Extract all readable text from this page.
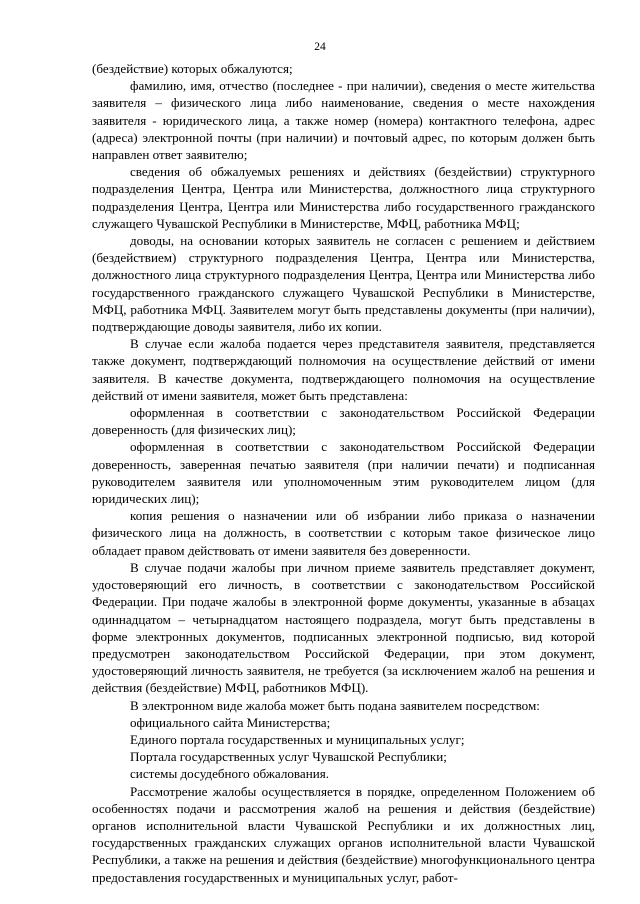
24

(бездействие) которых обжалуются;

фамилию, имя, отчество (последнее - при наличии), сведения о месте жительства заявителя – физического лица либо наименование, сведения о месте нахождения заявителя - юридического лица, а также номер (номера) контактного телефона, адрес (адреса) электронной почты (при наличии) и почтовый адрес, по которым должен быть направлен ответ заявителю;

сведения об обжалуемых решениях и действиях (бездействии) структурного подразделения Центра, Центра или Министерства, должностного лица структурного подразделения Центра, Центра или Министерства либо государственного гражданского служащего Чувашской Республики в Министерстве, МФЦ, работника МФЦ;

доводы, на основании которых заявитель не согласен с решением и действием (бездействием) структурного подразделения Центра, Центра или Министерства, должностного лица структурного подразделения Центра, Центра или Министерства либо государственного гражданского служащего Чувашской Республики в Министерстве, МФЦ, работника МФЦ. Заявителем могут быть представлены документы (при наличии), подтверждающие доводы заявителя, либо их копии.

В случае если жалоба подается через представителя заявителя, представляется также документ, подтверждающий полномочия на осуществление действий от имени заявителя. В качестве документа, подтверждающего полномочия на осуществление действий от имени заявителя, может быть представлена:

оформленная в соответствии с законодательством Российской Федерации доверенность (для физических лиц);

оформленная в соответствии с законодательством Российской Федерации доверенность, заверенная печатью заявителя (при наличии печати) и подписанная руководителем заявителя или уполномоченным этим руководителем лицом (для юридических лиц);

копия решения о назначении или об избрании либо приказа о назначении физического лица на должность, в соответствии с которым такое физическое лицо обладает правом действовать от имени заявителя без доверенности.

В случае подачи жалобы при личном приеме заявитель представляет документ, удостоверяющий его личность, в соответствии с законодательством Российской Федерации. При подаче жалобы в электронной форме документы, указанные в абзацах одиннадцатом – четырнадцатом настоящего подраздела, могут быть представлены в форме электронных документов, подписанных электронной подписью, вид которой предусмотрен законодательством Российской Федерации, при этом документ, удостоверяющий личность заявителя, не требуется (за исключением жалоб на решения и действия (бездействие) МФЦ, работников МФЦ).

В электронном виде жалоба может быть подана заявителем посредством:

официального сайта Министерства;

Единого портала государственных и муниципальных услуг;

Портала государственных услуг Чувашской Республики;

системы досудебного обжалования.

Рассмотрение жалобы осуществляется в порядке, определенном Положением об особенностях подачи и рассмотрения жалоб на решения и действия (бездействие) органов исполнительной власти Чувашской Республики и их должностных лиц, государственных гражданских служащих органов исполнительной власти Чувашской Республики, а также на решения и действия (бездействие) многофункционального центра предоставления государственных и муниципальных услуг, работ-
